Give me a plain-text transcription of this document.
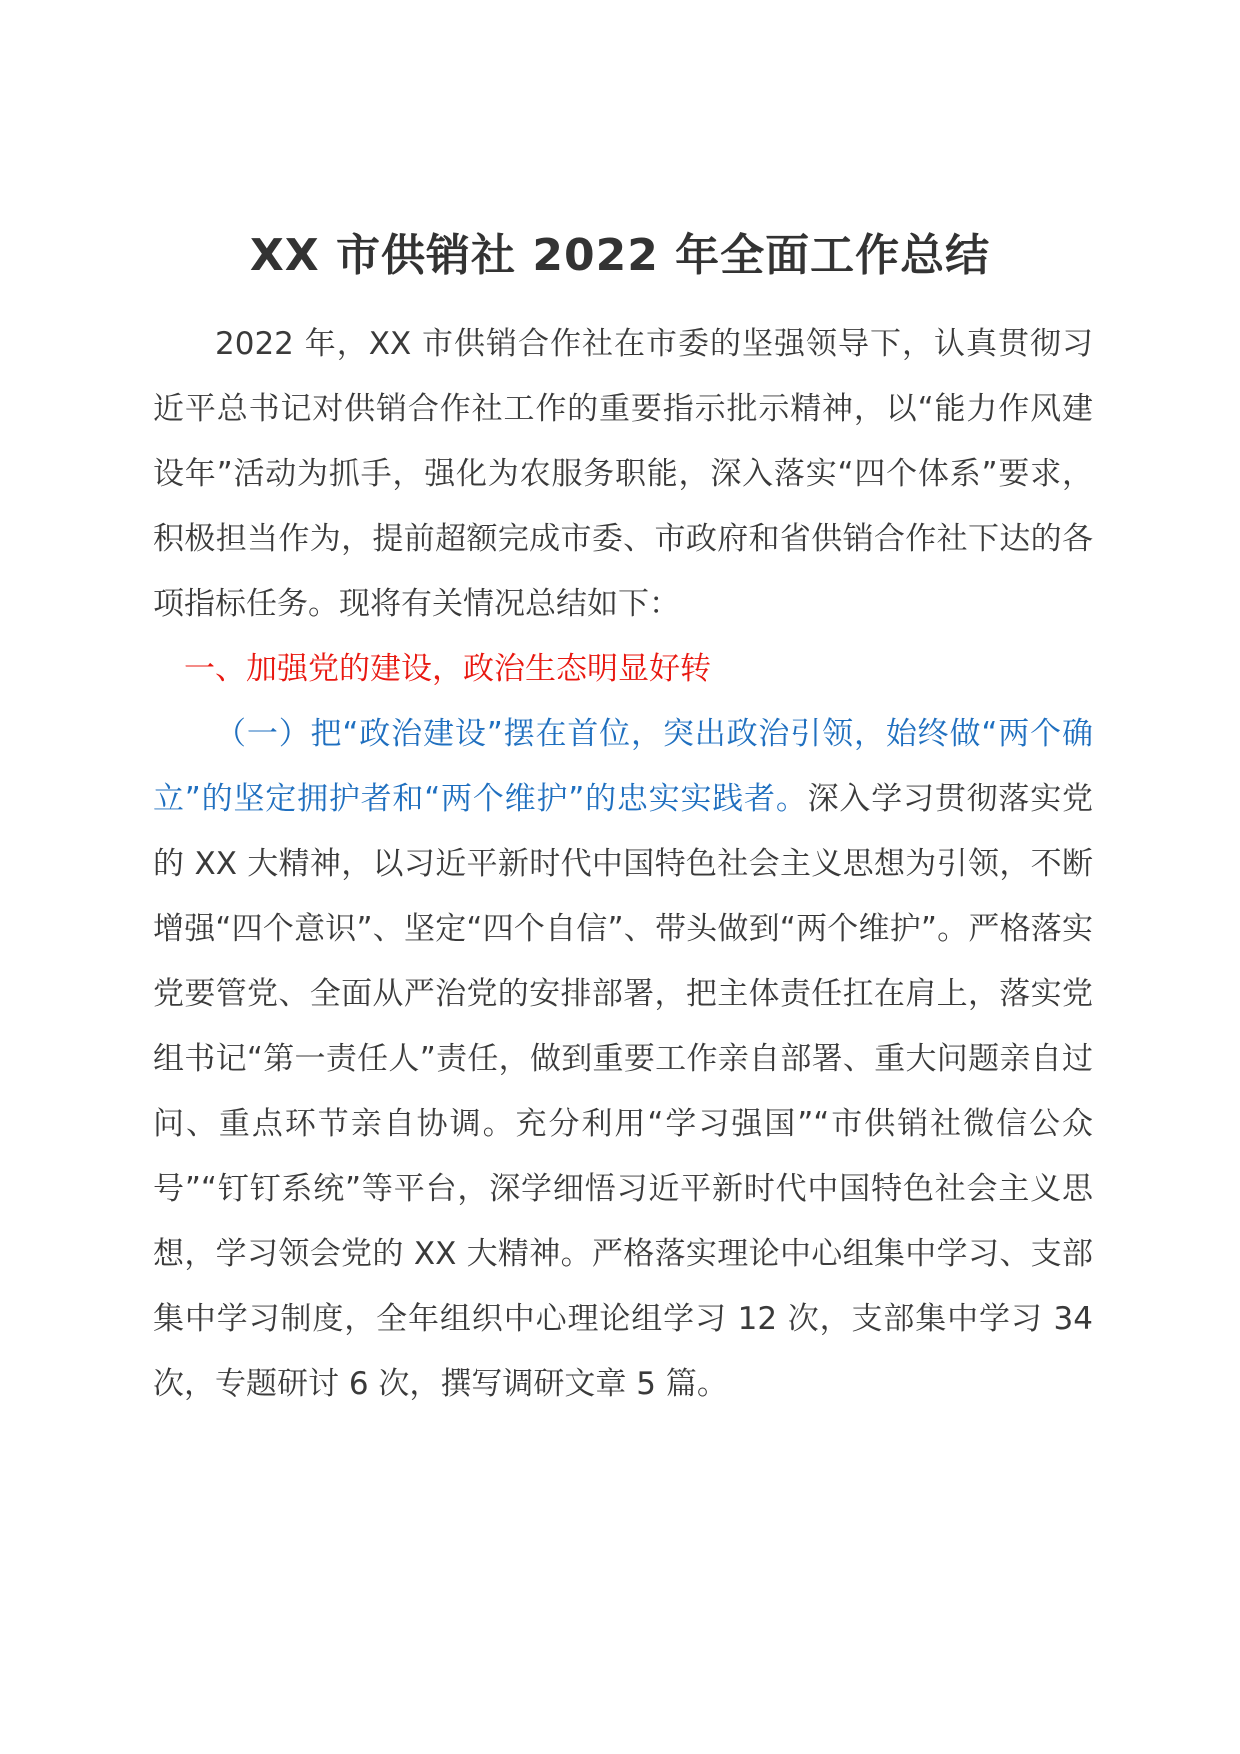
XX 市供销社 2022 年全面工作总结

2022 年，XX 市供销合作社在市委的坚强领导下，认真贯彻习近平总书记对供销合作社工作的重要指示批示精神，以“能力作风建设年”活动为抓手，强化为农服务职能，深入落实“四个体系”要求，积极担当作为，提前超额完成市委、市政府和省供销合作社下达的各项指标任务。现将有关情况总结如下：

一、加强党的建设，政治生态明显好转

（一）把“政治建设”摆在首位，突出政治引领，始终做“两个确立”的坚定拥护者和“两个维护”的忠实实践者。深入学习贯彻落实党的 XX 大精神，以习近平新时代中国特色社会主义思想为引领，不断增强“四个意识”、坚定“四个自信”、带头做到“两个维护”。严格落实党要管党、全面从严治党的安排部署，把主体责任扛在肩上，落实党组书记“第一责任人”责任，做到重要工作亲自部署、重大问题亲自过问、重点环节亲自协调。充分利用“学习强国”“市供销社微信公众号”“钉钉系统”等平台，深学细悟习近平新时代中国特色社会主义思想，学习领会党的 XX 大精神。严格落实理论中心组集中学习、支部集中学习制度，全年组织中心理论组学习 12 次，支部集中学习 34 次，专题研讨 6 次，撰写调研文章 5 篇。
